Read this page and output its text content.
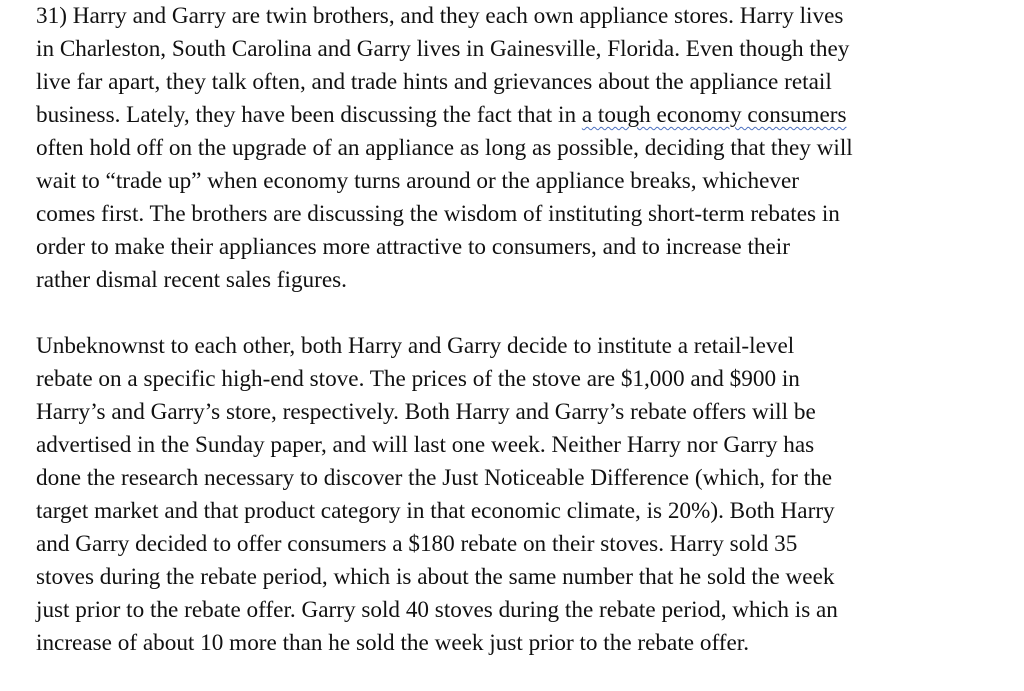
31) Harry and Garry are twin brothers, and they each own appliance stores. Harry lives
in Charleston, South Carolina and Garry lives in Gainesville, Florida. Even though they
live far apart, they talk often, and trade hints and grievances about the appliance retail
business. Lately, they have been discussing the fact that in a tough economy consumers
often hold off on the upgrade of an appliance as long as possible, deciding that they will
wait to “trade up” when economy turns around or the appliance breaks, whichever
comes first. The brothers are discussing the wisdom of instituting short-term rebates in
order to make their appliances more attractive to consumers, and to increase their
rather dismal recent sales figures.

Unbeknownst to each other, both Harry and Garry decide to institute a retail-level
rebate on a specific high-end stove. The prices of the stove are $1,000 and $900 in
Harry’s and Garry’s store, respectively. Both Harry and Garry’s rebate offers will be
advertised in the Sunday paper, and will last one week. Neither Harry nor Garry has
done the research necessary to discover the Just Noticeable Difference (which, for the
target market and that product category in that economic climate, is 20%). Both Harry
and Garry decided to offer consumers a $180 rebate on their stoves. Harry sold 35
stoves during the rebate period, which is about the same number that he sold the week
just prior to the rebate offer. Garry sold 40 stoves during the rebate period, which is an
increase of about 10 more than he sold the week just prior to the rebate offer.
